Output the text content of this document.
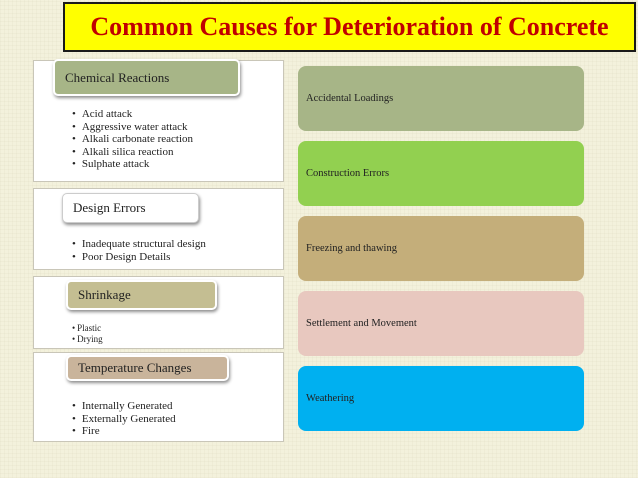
Common Causes for Deterioration of Concrete
• Acid attack
• Aggressive water attack
• Alkali carbonate reaction
• Alkali silica reaction
• Sulphate attack
Chemical Reactions
• Inadequate structural design
• Poor Design Details
Design Errors
• Plastic
• Drying
Shrinkage
• Internally Generated
• Externally Generated
• Fire
Temperature Changes
Accidental Loadings
Construction Errors
Freezing and thawing
Settlement and Movement
Weathering
